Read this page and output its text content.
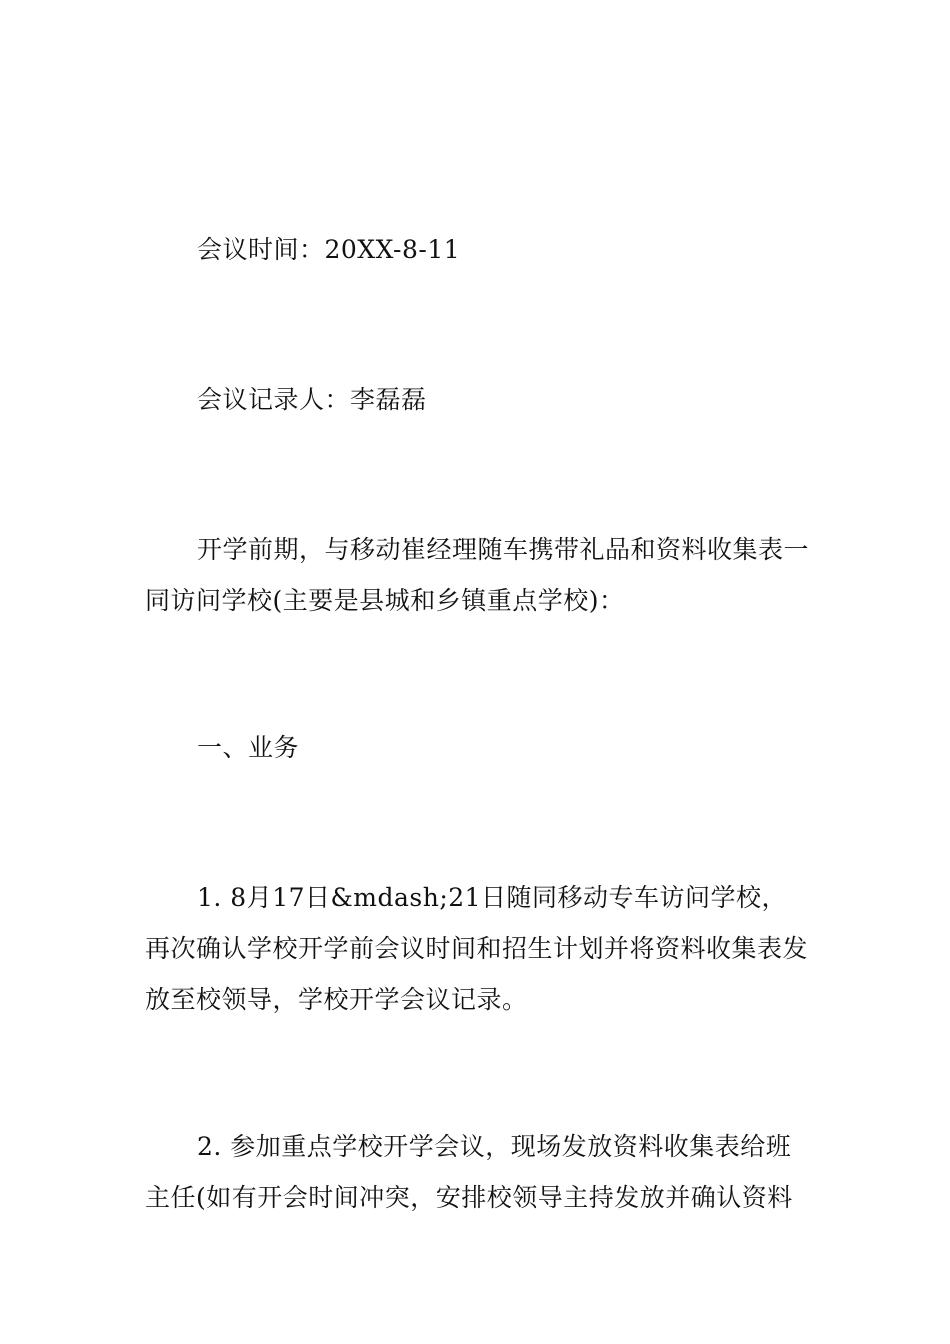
会议时间：20XX-8-11

会议记录人：李磊磊

开学前期，与移动崔经理随车携带礼品和资料收集表一同访问学校(主要是县城和乡镇重点学校)：

一、业务

1. 8月17日&mdash;21日随同移动专车访问学校，再次确认学校开学前会议时间和招生计划并将资料收集表发放至校领导，学校开学会议记录。

2. 参加重点学校开学会议，现场发放资料收集表给班主任(如有开会时间冲突，安排校领导主持发放并确认资料
